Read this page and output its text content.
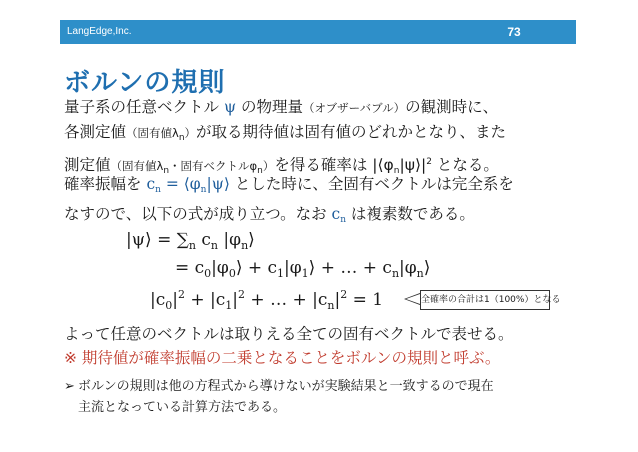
LangEdge,Inc.	73
ボルンの規則
量子系の任意ベクトル ψ の物理量（オブザーバブル）の観測時に、
各測定値（固有値$\lambda_n$）が取る期待値は固有値のどれかとなり、また
測定値（固有値$\lambda_n$・固有ベクトル$\varphi_n$）を得る確率は $|⟨\varphi_n|\psi⟩|^2$ となる。
確率振幅を $c_n$ = $⟨\varphi_n|\psi⟩$ とした時に、全固有ベクトルは完全系を
なすので、以下の式が成り立つ。なお $c_n$ は複素数である。
|ψ⟩ = $\sum_n$ $c_n$ $|\varphi_n⟩$
= $c_0|\varphi_0⟩$ + $c_1|\varphi_1⟩$ + … + $c_n|\varphi_n⟩$
$|c_0|^2 + |c_1|^2$ + … + $|c_n|^2 = 1$	全確率の合計は1（100%）となる
よって任意のベクトルは取りえる全ての固有ベクトルで表せる。
※ 期待値が確率振幅の二乗となることをボルンの規則と呼ぶ。
➢ ボルンの規則は他の方程式から導けないが実験結果と一致するので現在
主流となっている計算方法である。
